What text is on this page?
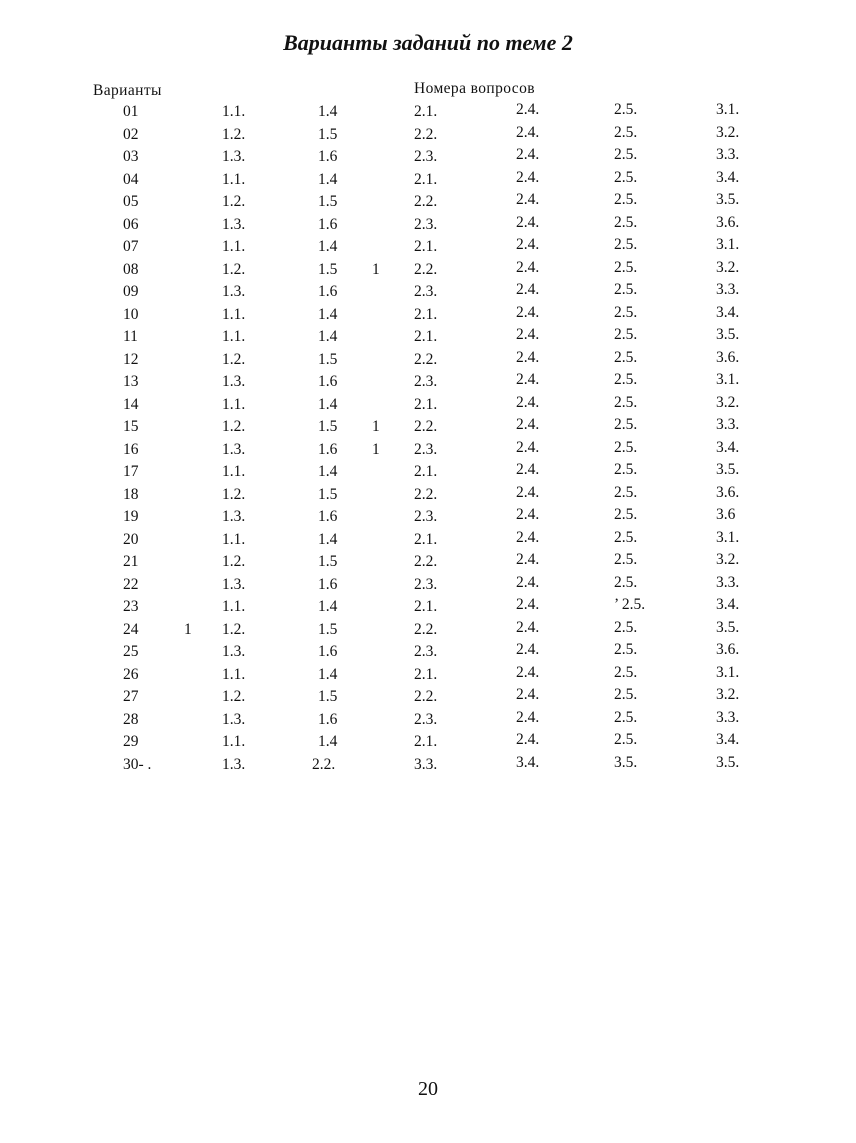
Варианты заданий по теме 2
Варианты	Номера вопросов
01	1.1.	1.4	2.1.	2.4.	2.5.	3.1.
02	1.2.	1.5	2.2.	2.4.	2.5.	3.2.
03	1.3.	1.6	2.3.	2.4.	2.5.	3.3.
04	1.1.	1.4	2.1.	2.4.	2.5.	3.4.
05	1.2.	1.5	2.2.	2.4.	2.5.	3.5.
06	1.3.	1.6	2.3.	2.4.	2.5.	3.6.
07	1.1.	1.4	2.1.	2.4.	2.5.	3.1.
08	1.2.	1.5 1 2.2.	2.4.	2.5.	3.2.
09	1.3.	1.6	2.3.	2.4.	2.5.	3.3.
10	1.1.	1.4	2.1.	2.4.	2.5.	3.4.
11	1.1.	1.4	2.1.	2.4.	2.5.	3.5.
12	1.2.	1.5	2.2.	2.4.	2.5.	3.6.
13	1.3.	1.6	2.3.	2.4.	2.5.	3.1.
14	1.1.	1.4	2.1.	2.4.	2.5.	3.2.
15	1.2.	1.5 1 2.2.	2.4.	2.5.	3.3.
16	1.3.	1.6 1 2.3.	2.4.	2.5.	3.4.
17	1.1.	1.4	2.1.	2.4.	2.5.	3.5.
18	1.2.	1.5	2.2.	2.4.	2.5.	3.6.
19	1.3.	1.6	2.3.	2.4.	2.5.	3.6
20	1.1.	1.4	2.1.	2.4.	2.5.	3.1.
21	1.2.	1.5	2.2.	2.4.	2.5.	3.2.
22	1.3.	1.6	2.3.	2.4.	2.5.	3.3.
23	1.1.	1.4	2.1.	2.4.	’ 2.5.	3.4.
24	1 1.2.	1.5	2.2.	2.4.	2.5.	3.5.
25	1.3.	1.6	2.3.	2.4.	2.5.	3.6.
26	1.1.	1.4	2.1.	2.4.	2.5.	3.1.
27	1.2.	1.5	2.2.	2.4.	2.5.	3.2.
28	1.3.	1.6	2.3.	2.4.	2.5.	3.3.
29	1.1.	1.4	2.1.	2.4.	2.5.	3.4.
30- .	1.3.	2.2.	3.3.	3.4.	3.5.	3.5.
20
